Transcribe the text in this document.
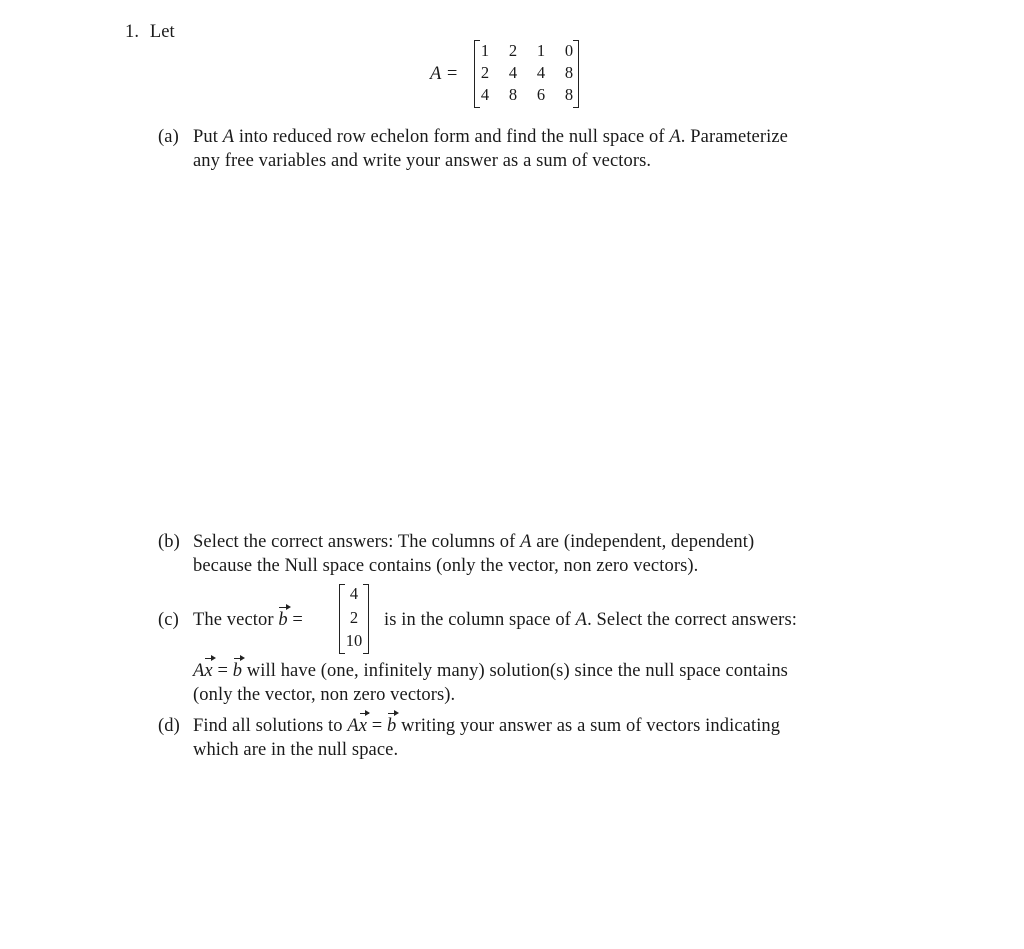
1. Let
A =
1 2 1 0
2 4 4 8
4 8 6 8
(a) Put A into reduced row echelon form and find the null space of A. Parameterize
any free variables and write your answer as a sum of vectors.
(b) Select the correct answers: The columns of A are (independent, dependent)
because the Null space contains (only the vector, non zero vectors).
(c) The vector b =
4
2
10
is in the column space of A. Select the correct answers:
Ax = b will have (one, infinitely many) solution(s) since the null space contains
(only the vector, non zero vectors).
(d) Find all solutions to Ax = b writing your answer as a sum of vectors indicating
which are in the null space.
